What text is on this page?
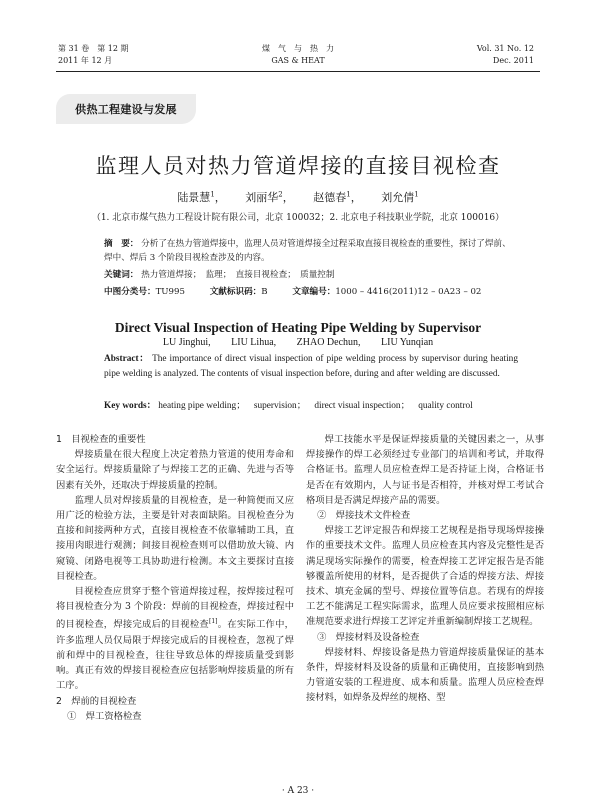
第 31 卷　第 12 期
2011 年 12 月
煤　气　与　热　力
GAS & HEAT
Vol. 31 No. 12
Dec. 2011
供热工程建设与发展
监理人员对热力管道焊接的直接目视检查
陆景慧$^1$， 刘丽华$^2$， 赵德春$^1$， 刘允倩$^1$
（1. 北京市煤气热力工程设计院有限公司，北京 100032；2. 北京电子科技职业学院，北京 100016）
摘　要： 分析了在热力管道焊接中，监理人员对管道焊接全过程采取直接目视检查的重要性，探讨了焊前、焊中、焊后 3 个阶段目视检查涉及的内容。
关键词： 热力管道焊接；　监理；　直接目视检查；　质量控制
中图分类号：TU995	文献标识码：B	文章编号：1000 – 4416(2011)12 – 0A23 – 02
Direct Visual Inspection of Heating Pipe Welding by Supervisor
LU Jinghui, LIU Lihua, ZHAO Dechun, LIU Yunqian
Abstract： The importance of direct visual inspection of pipe welding process by supervisor during heating pipe welding is analyzed. The contents of visual inspection before, during and after welding are discussed.
Key words： heating pipe welding； supervision； direct visual inspection； quality control

1　目视检查的重要性

焊接质量在很大程度上决定着热力管道的使用寿命和安全运行。焊接质量除了与焊接工艺的正确、先进与否等因素有关外，还取决于焊接质量的控制。

监理人员对焊接质量的目视检查，是一种简便而又应用广泛的检验方法，主要是针对表面缺陷。目视检查分为直接和间接两种方式，直接目视检查不依靠辅助工具，直接用肉眼进行观测；间接目视检查则可以借助放大镜、内窥镜、闭路电视等工具协助进行检测。本文主要探讨直接目视检查。

目视检查应贯穿于整个管道焊接过程，按焊接过程可将目视检查分为 3 个阶段：焊前的目视检查，焊接过程中的目视检查，焊接完成后的目视检查[1]。在实际工作中，许多监理人员仅局限于焊接完成后的目视检查，忽视了焊前和焊中的目视检查，往往导致总体的焊接质量受到影响。真正有效的焊接目视检查应包括影响焊接质量的所有工序。

2　焊前的目视检查

①　焊工资格检查

焊工技能水平是保证焊接质量的关键因素之一，从事焊接操作的焊工必须经过专业部门的培训和考试，并取得合格证书。监理人员应检查焊工是否持证上岗，合格证书是否在有效期内，人与证书是否相符，并核对焊工考试合格项目是否满足焊接产品的需要。

②　焊接技术文件检查

焊接工艺评定报告和焊接工艺规程是指导现场焊接操作的重要技术文件。监理人员应检查其内容及完整性是否满足现场实际操作的需要，检查焊接工艺评定报告是否能够覆盖所使用的材料，是否提供了合适的焊接方法、焊接技术、填充金属的型号、焊接位置等信息。若现有的焊接工艺不能满足工程实际需求，监理人员应要求按照相应标准规范要求进行焊接工艺评定并重新编制焊接工艺规程。

③　焊接材料及设备检查

焊接材料、焊接设备是热力管道焊接质量保证的基本条件，焊接材料及设备的质量和正确使用，直接影响到热力管道安装的工程进度、成本和质量。监理人员应检查焊接材料，如焊条及焊丝的规格、型

· A 23 ·
